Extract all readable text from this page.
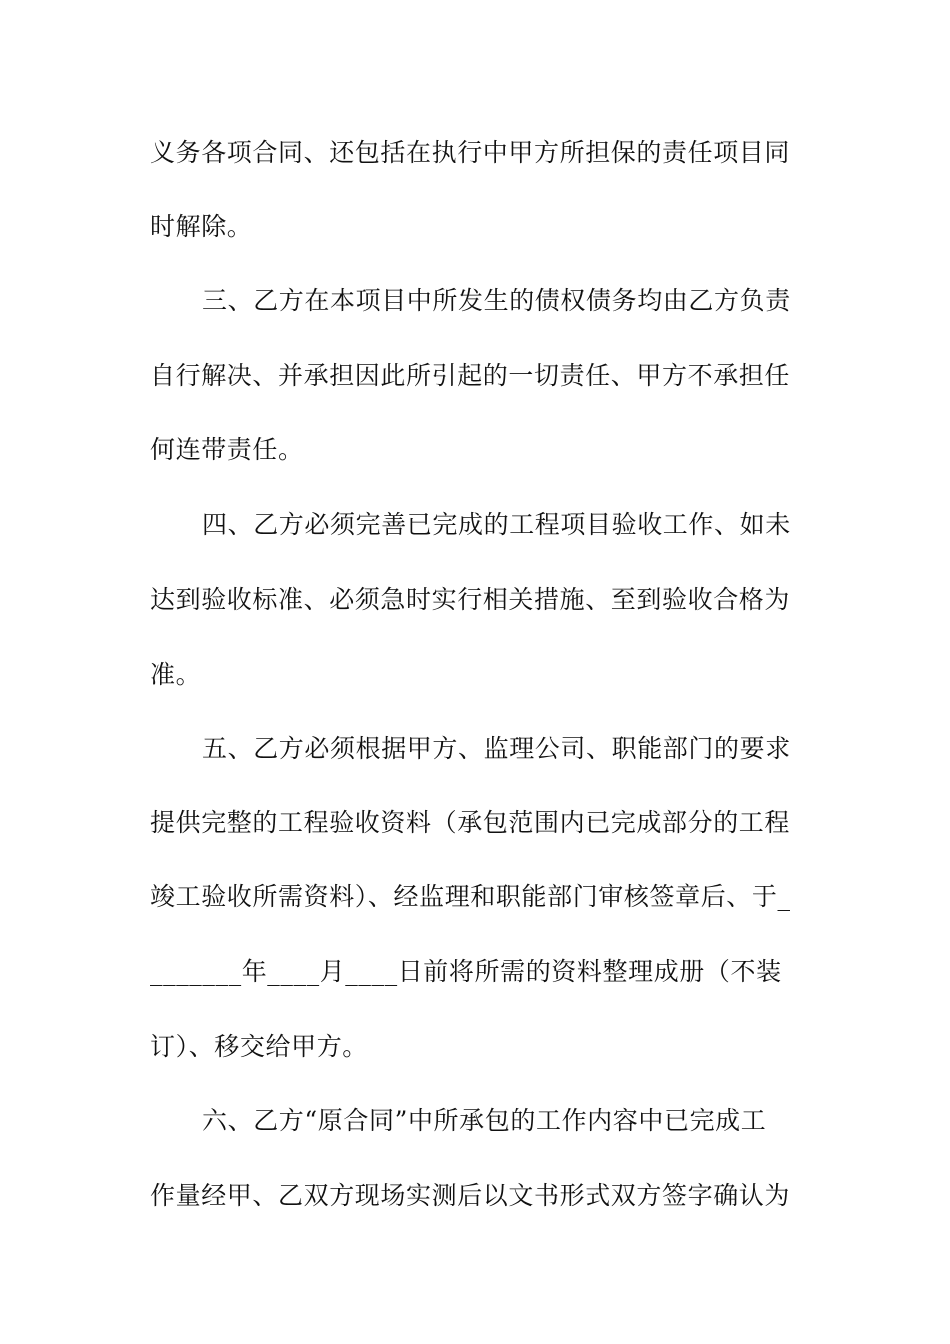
义务各项合同、还包括在执行中甲方所担保的责任项目同
时解除。
三、乙方在本项目中所发生的债权债务均由乙方负责
自行解决、并承担因此所引起的一切责任、甲方不承担任
何连带责任。
四、乙方必须完善已完成的工程项目验收工作、如未
达到验收标准、必须急时实行相关措施、至到验收合格为
准。
五、乙方必须根据甲方、监理公司、职能部门的要求
提供完整的工程验收资料（承包范围内已完成部分的工程
竣工验收所需资料）、经监理和职能部门审核签章后、于_
_______年____月____日前将所需的资料整理成册（不装
订）、移交给甲方。
六、乙方“原合同”中所承包的工作内容中已完成工
作量经甲、乙双方现场实测后以文书形式双方签字确认为
